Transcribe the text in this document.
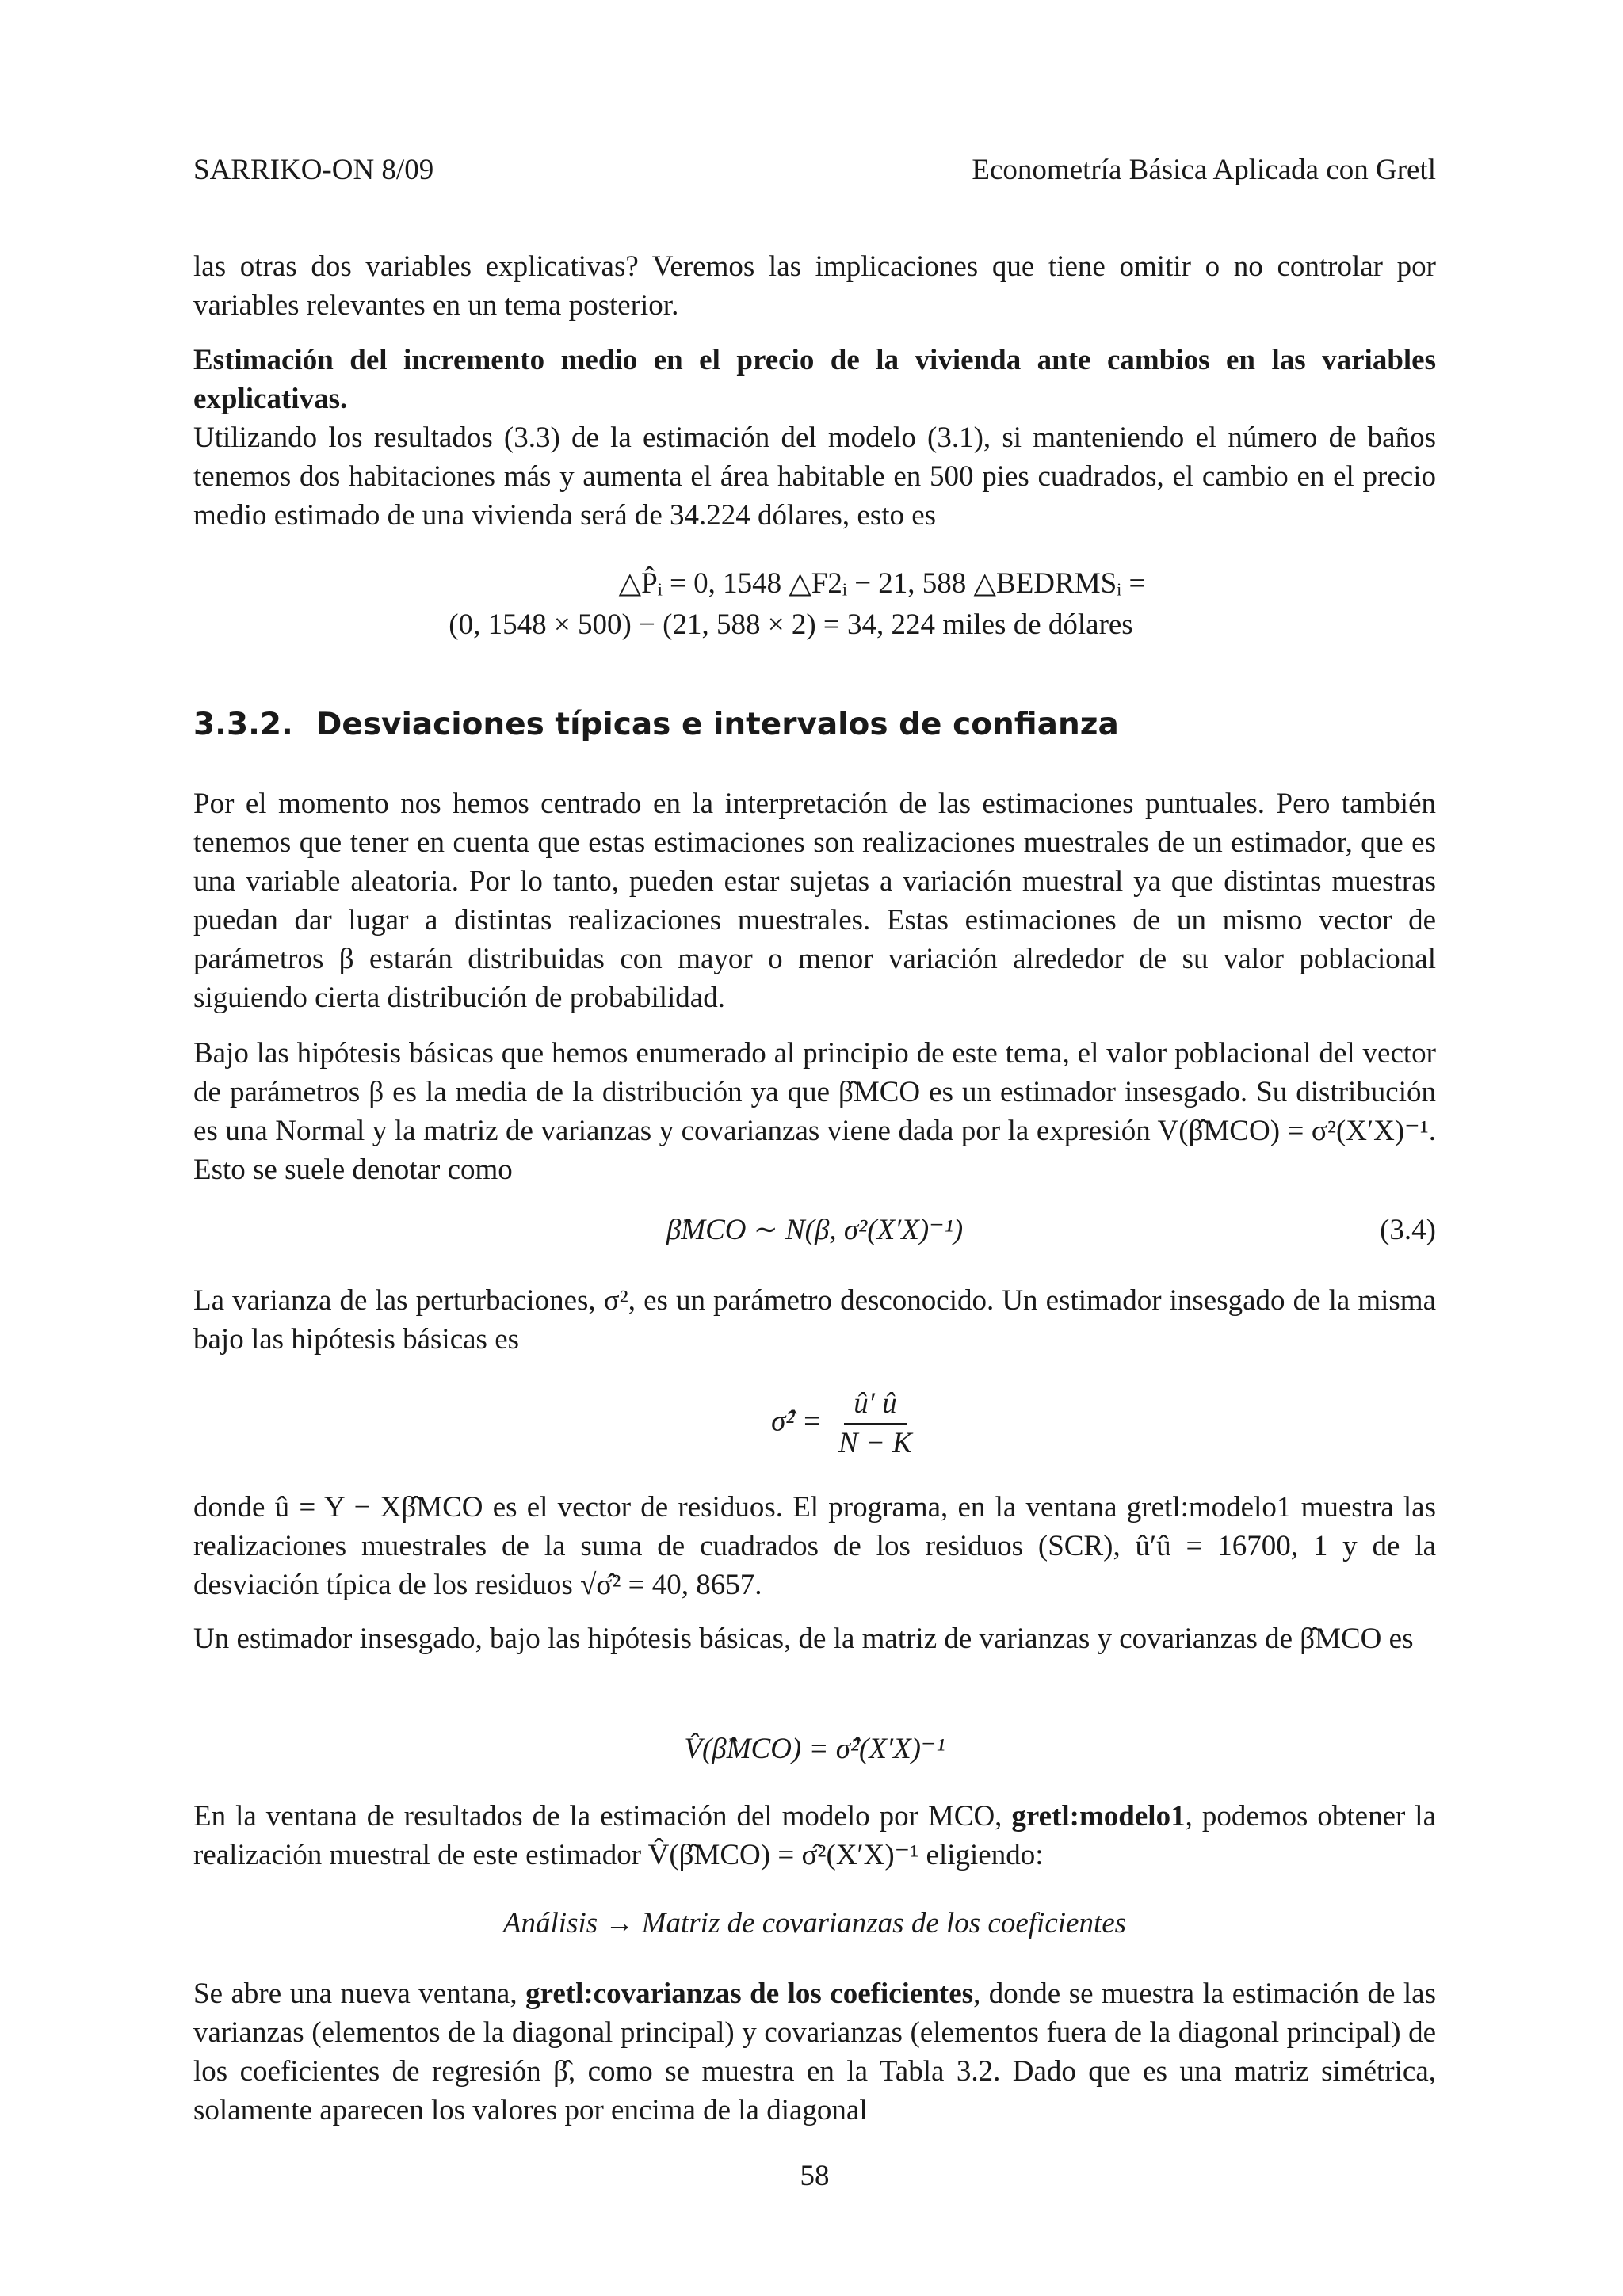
SARRIKO-ON 8/09	Econometría Básica Aplicada con Gretl

las otras dos variables explicativas? Veremos las implicaciones que tiene omitir o no controlar por variables relevantes en un tema posterior.

Estimación del incremento medio en el precio de la vivienda ante cambios en las variables explicativas.

Utilizando los resultados (3.3) de la estimación del modelo (3.1), si manteniendo el número de baños tenemos dos habitaciones más y aumenta el área habitable en 500 pies cuadrados, el cambio en el precio medio estimado de una vivienda será de 34.224 dólares, esto es

△P̂ᵢ = 0, 1548 △F2ᵢ − 21, 588 △BEDRMSᵢ =

(0, 1548 × 500) − (21, 588 × 2) = 34, 224 miles de dólares

3.3.2. Desviaciones típicas e intervalos de confianza

Por el momento nos hemos centrado en la interpretación de las estimaciones puntuales. Pero también tenemos que tener en cuenta que estas estimaciones son realizaciones muestrales de un estimador, que es una variable aleatoria. Por lo tanto, pueden estar sujetas a variación muestral ya que distintas muestras puedan dar lugar a distintas realizaciones muestrales. Estas estimaciones de un mismo vector de parámetros β estarán distribuidas con mayor o menor variación alrededor de su valor poblacional siguiendo cierta distribución de probabilidad.

Bajo las hipótesis básicas que hemos enumerado al principio de este tema, el valor poblacional del vector de parámetros β es la media de la distribución ya que β̂MCO es un estimador insesgado. Su distribución es una Normal y la matriz de varianzas y covarianzas viene dada por la expresión V(β̂MCO) = σ²(X′X)⁻¹. Esto se suele denotar como

β̂MCO ∼ N(β, σ²(X′X)⁻¹)	(3.4)

La varianza de las perturbaciones, σ², es un parámetro desconocido. Un estimador insesgado de la misma bajo las hipótesis básicas es

σ̂² = $\frac{û' û}{N - K}$

donde û = Y − Xβ̂MCO es el vector de residuos. El programa, en la ventana gretl:modelo1 muestra las realizaciones muestrales de la suma de cuadrados de los residuos (SCR), û′û = 16700, 1 y de la desviación típica de los residuos √σ̂² = 40, 8657.

Un estimador insesgado, bajo las hipótesis básicas, de la matriz de varianzas y covarianzas de β̂MCO es

V̂(β̂MCO) = σ̂²(X′X)⁻¹

En la ventana de resultados de la estimación del modelo por MCO, gretl:modelo1, podemos obtener la realización muestral de este estimador V̂(β̂MCO) = σ̂²(X′X)⁻¹ eligiendo:

Análisis → Matriz de covarianzas de los coeficientes

Se abre una nueva ventana, gretl:covarianzas de los coeficientes, donde se muestra la estimación de las varianzas (elementos de la diagonal principal) y covarianzas (elementos fuera de la diagonal principal) de los coeficientes de regresión β̂, como se muestra en la Tabla 3.2. Dado que es una matriz simétrica, solamente aparecen los valores por encima de la diagonal

58
